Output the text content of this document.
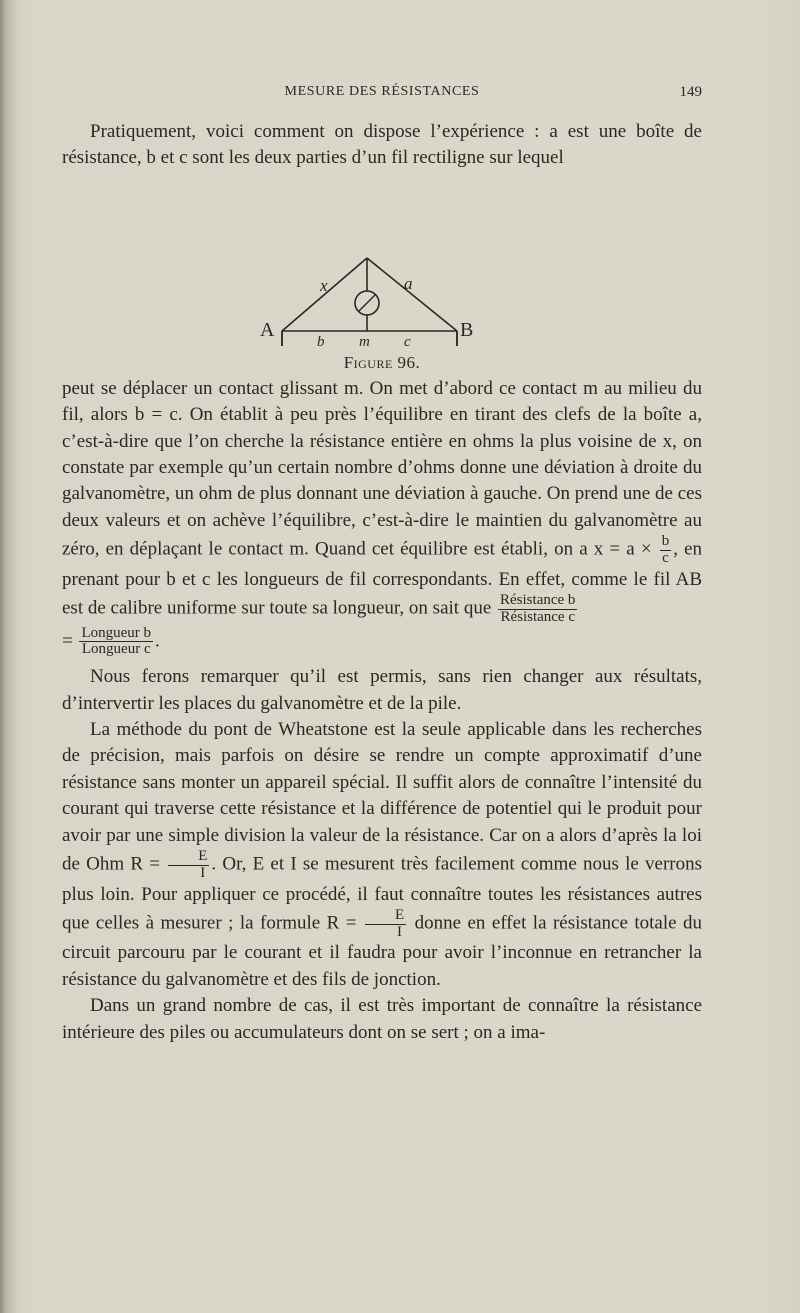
MESURE DES RÉSISTANCES	149

Pratiquement, voici comment on dispose l’expérience : a est une boîte de résistance, b et c sont les deux parties d’un fil rectiligne sur lequel

A	B
x	a
b m c
Figure 96.

peut se déplacer un contact glissant m. On met d’abord ce contact m au milieu du fil, alors b = c. On établit à peu près l’équilibre en tirant des clefs de la boîte a, c’est-à-dire que l’on cherche la résistance entière en ohms la plus voisine de x, on constate par exemple qu’un certain nombre d’ohms donne une déviation à droite du galvanomètre, un ohm de plus donnant une déviation à gauche. On prend une de ces deux valeurs et on achève l’équilibre, c’est-à-dire le maintien du galvanomètre au zéro, en déplaçant le contact m. Quand cet équilibre est établi, on a $x = a \times \frac{b}{c}$ , en prenant pour b et c les longueurs de fil correspondants. En effet, comme le fil AB est de calibre uniforme sur toute sa longueur, on sait que $\frac{\text{Résistance b}}{\text{Résistance c}}$

= $\frac{\text{Longueur b}}{\text{Longueur c}}$ .

Nous ferons remarquer qu’il est permis, sans rien changer aux résultats, d’intervertir les places du galvanomètre et de la pile.

La méthode du pont de Wheatstone est la seule applicable dans les recherches de précision, mais parfois on désire se rendre un compte approximatif d’une résistance sans monter un appareil spécial. Il suffit alors de connaître l’intensité du courant qui traverse cette résistance et la différence de potentiel qui le produit pour avoir par une simple division la valeur de la résistance. Car on a alors d’après la loi de Ohm $R = \frac{E}{I}$ . Or, E et I se mesurent très facilement comme nous le verrons plus loin. Pour appliquer ce procédé, il faut connaître toutes les résistances autres que celles à mesurer ; la formule $R = \frac{E}{I}$ donne en effet la résistance totale du circuit parcouru par le courant et il faudra pour avoir l’inconnue en retrancher la résistance du galvanomètre et des fils de jonction.

Dans un grand nombre de cas, il est très important de connaître la résistance intérieure des piles ou accumulateurs dont on se sert ; on a ima-
